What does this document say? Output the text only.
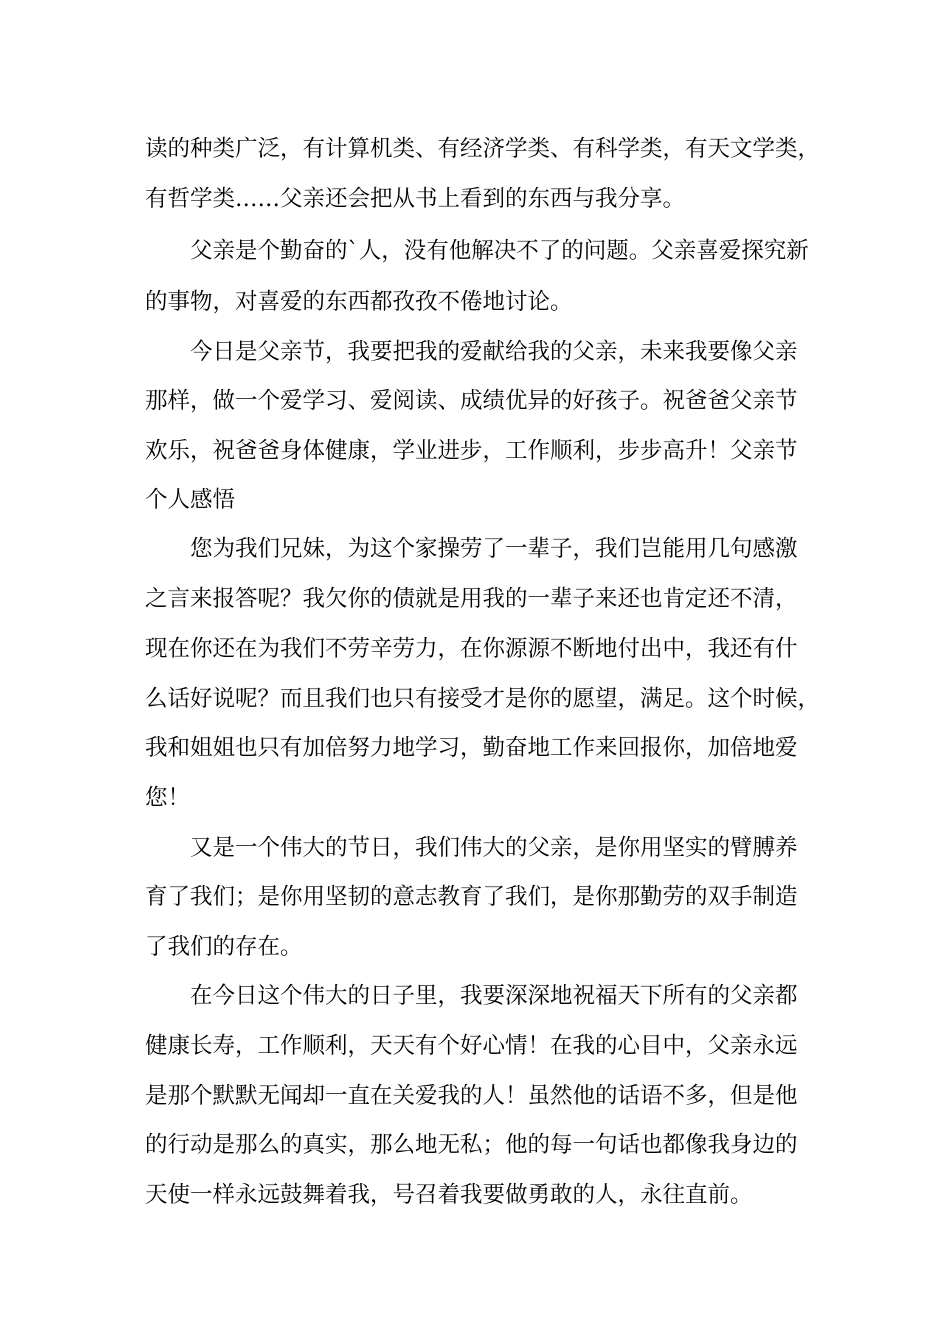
读的种类广泛，有计算机类、有经济学类、有科学类，有天文学类，
有哲学类……父亲还会把从书上看到的东西与我分享。
父亲是个勤奋的`人，没有他解决不了的问题。父亲喜爱探究新
的事物，对喜爱的东西都孜孜不倦地讨论。
今日是父亲节，我要把我的爱献给我的父亲，未来我要像父亲
那样，做一个爱学习、爱阅读、成绩优异的好孩子。祝爸爸父亲节
欢乐，祝爸爸身体健康，学业进步，工作顺利，步步高升！父亲节
个人感悟
您为我们兄妹，为这个家操劳了一辈子，我们岂能用几句感激
之言来报答呢？我欠你的债就是用我的一辈子来还也肯定还不清，
现在你还在为我们不劳辛劳力，在你源源不断地付出中，我还有什
么话好说呢？而且我们也只有接受才是你的愿望，满足。这个时候，
我和姐姐也只有加倍努力地学习，勤奋地工作来回报你，加倍地爱
您！
又是一个伟大的节日，我们伟大的父亲，是你用坚实的臂膊养
育了我们；是你用坚韧的意志教育了我们，是你那勤劳的双手制造
了我们的存在。
在今日这个伟大的日子里，我要深深地祝福天下所有的父亲都
健康长寿，工作顺利，天天有个好心情！在我的心目中，父亲永远
是那个默默无闻却一直在关爱我的人！虽然他的话语不多，但是他
的行动是那么的真实，那么地无私；他的每一句话也都像我身边的
天使一样永远鼓舞着我，号召着我要做勇敢的人，永往直前。
